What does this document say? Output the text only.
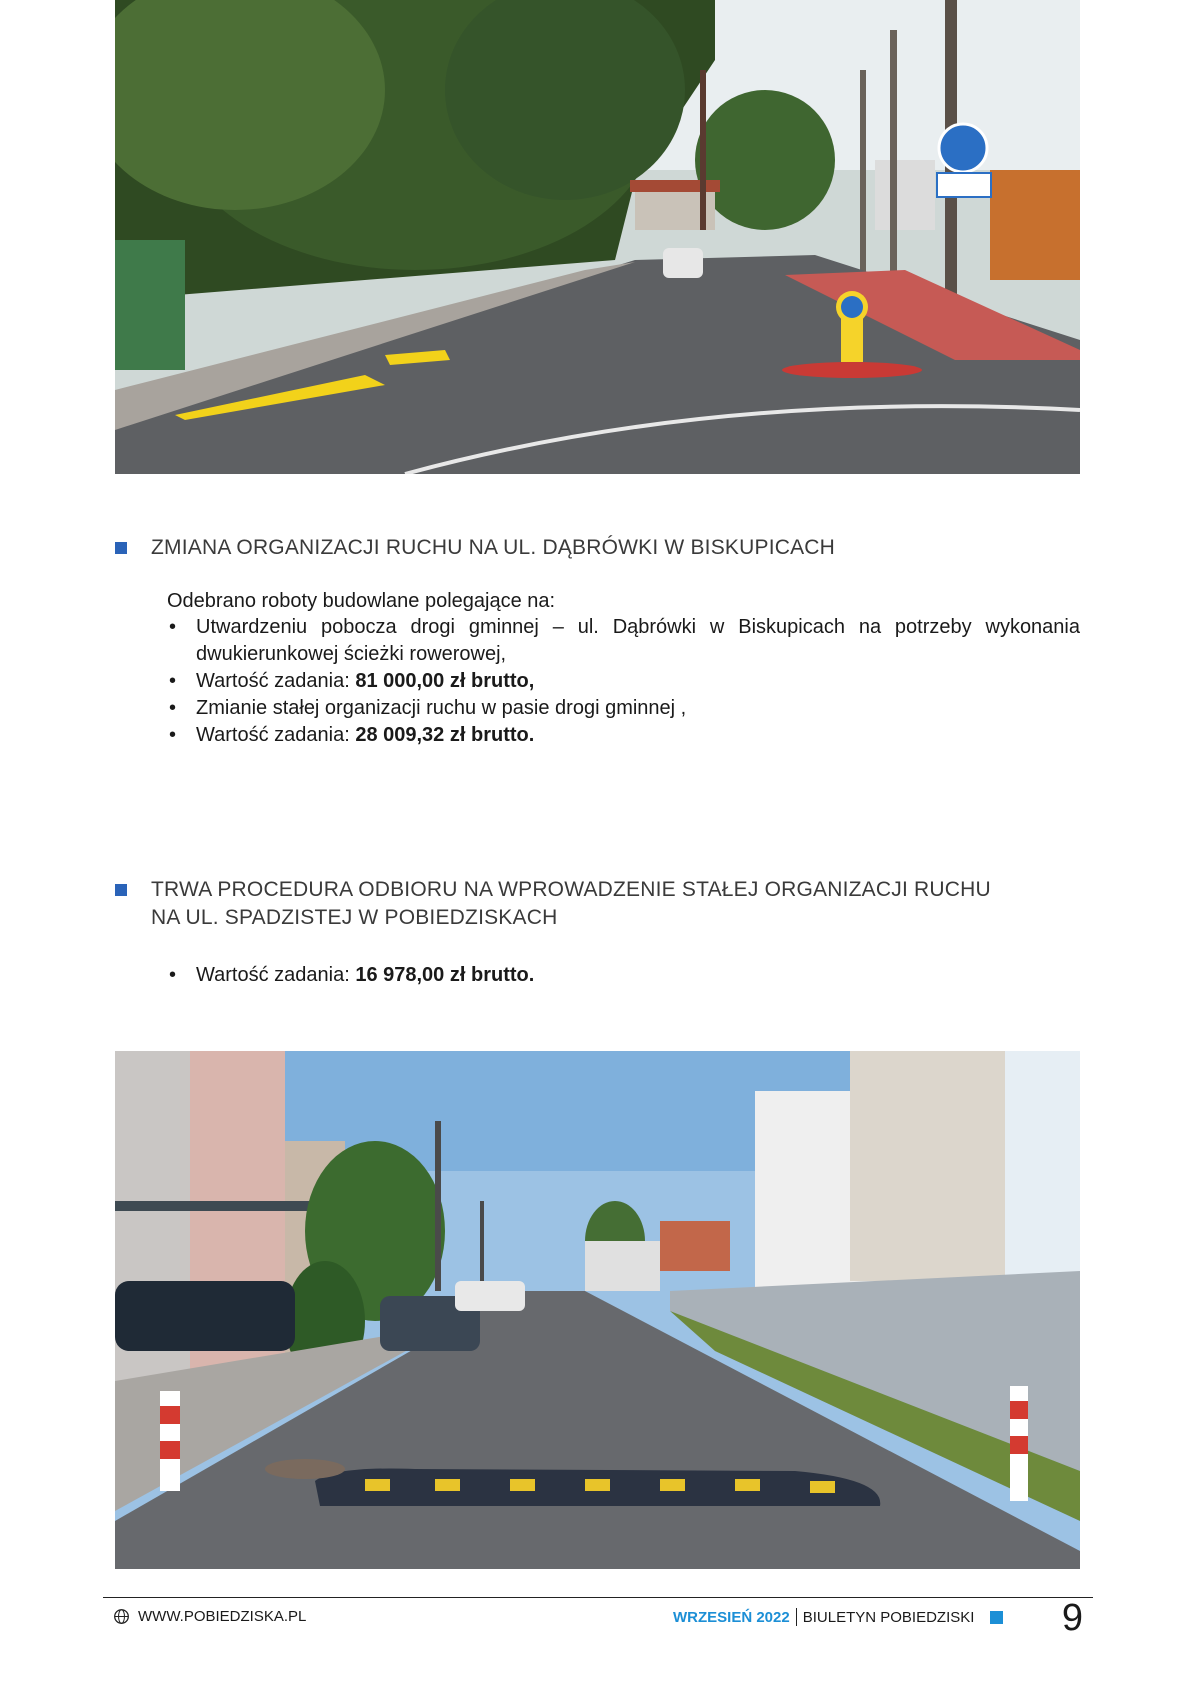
ZMIANA ORGANIZACJI RUCHU NA UL. DĄBRÓWKI W BISKUPICACH
Odebrano roboty budowlane polegające na:
• Utwardzeniu pobocza drogi gminnej – ul. Dąbrówki w Biskupicach na potrzeby wykonania dwukierunkowej ścieżki rowerowej,
• Wartość zadania: 81 000,00 zł brutto,
• Zmianie stałej organizacji ruchu w pasie drogi gminnej ,
• Wartość zadania: 28 009,32 zł brutto.
TRWA PROCEDURA ODBIORU NA WPROWADZENIE STAŁEJ ORGANIZACJI RUCHU
NA UL. SPADZISTEJ W POBIEDZISKACH
• Wartość zadania: 16 978,00 zł brutto.
WWW.POBIEDZISKA.PL	WRZESIEŃ 2022 BIULETYN POBIEDZISKI 9
